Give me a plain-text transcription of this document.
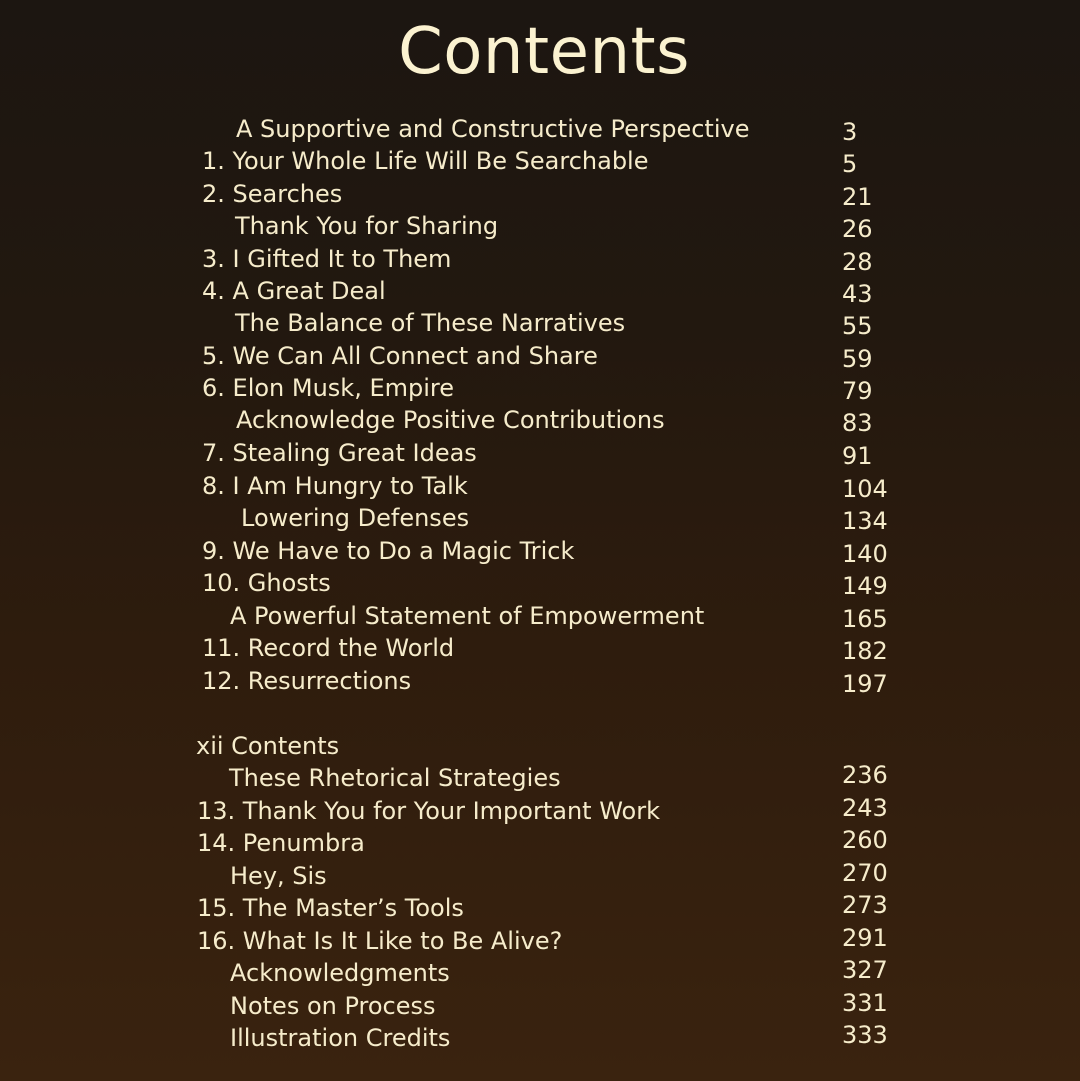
Contents
A Supportive and Constructive Perspective	3
1. Your Whole Life Will Be Searchable	5
2. Searches	21
Thank You for Sharing	26
3. I Gifted It to Them	28
4. A Great Deal	43
The Balance of These Narratives	55
5. We Can All Connect and Share	59
6. Elon Musk, Empire	79
Acknowledge Positive Contributions	83
7. Stealing Great Ideas	91
8. I Am Hungry to Talk	104
Lowering Defenses	134
9. We Have to Do a Magic Trick	140
10. Ghosts	149
A Powerful Statement of Empowerment	165
11. Record the World	182
12. Resurrections	197
xii Contents
These Rhetorical Strategies	236
13. Thank You for Your Important Work	243
14. Penumbra	260
Hey, Sis	270
15. The Master’s Tools	273
16. What Is It Like to Be Alive?	291
Acknowledgments	327
Notes on Process	331
Illustration Credits	333
